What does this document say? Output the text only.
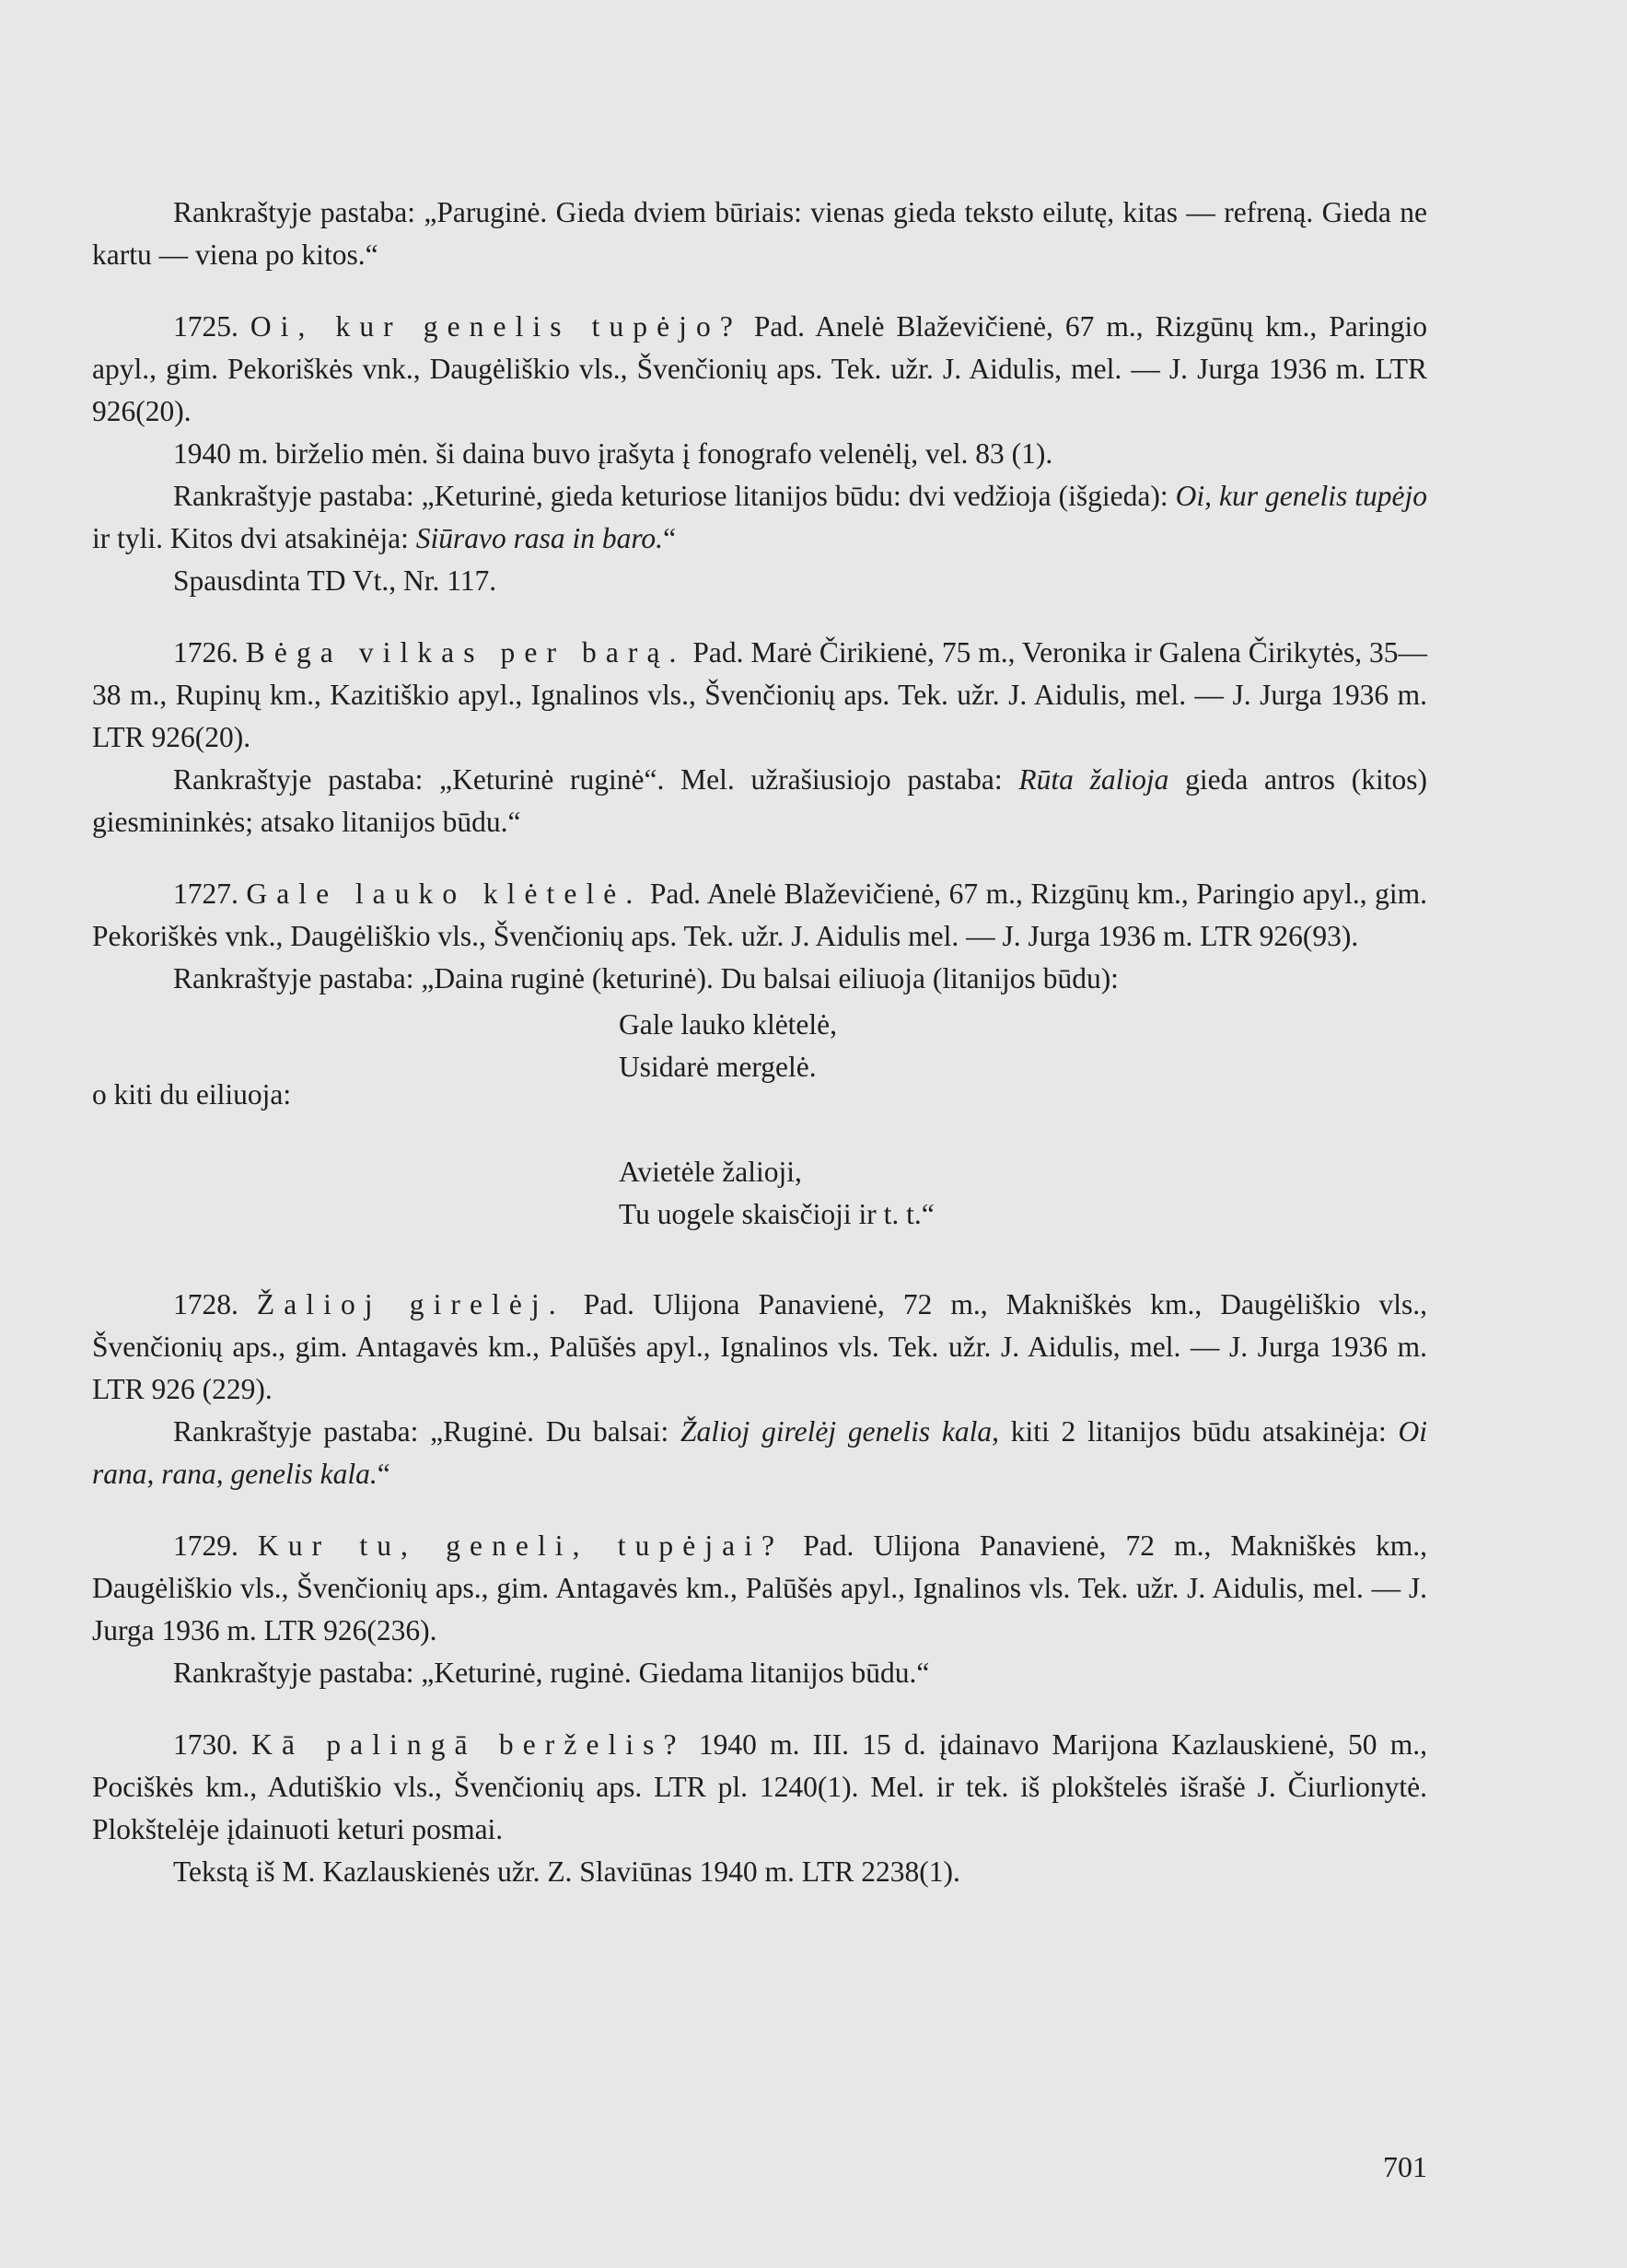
Rankraštyje pastaba: „Paruginė. Gieda dviem būriais: vienas gieda teksto eilutę, kitas — refreną. Gieda ne kartu — viena po kitos.“

1725. Oi, kur genelis tupėjo? Pad. Anelė Blaževičienė, 67 m., Rizgūnų km., Paringio apyl., gim. Pekoriškės vnk., Daugėliškio vls., Švenčionių aps. Tek. užr. J. Aidulis, mel. — J. Jurga 1936 m. LTR 926(20).

1940 m. birželio mėn. ši daina buvo įrašyta į fonografo velenėlį, vel. 83 (1).

Rankraštyje pastaba: „Keturinė, gieda keturiose litanijos būdu: dvi vedžioja (išgieda): Oi, kur genelis tupėjo ir tyli. Kitos dvi atsakinėja: Siūravo rasa in baro.“

Spausdinta TD Vt., Nr. 117.

1726. Bėga vilkas per barą. Pad. Marė Čirikienė, 75 m., Veronika ir Galena Čirikytės, 35—38 m., Rupinų km., Kazitiškio apyl., Ignalinos vls., Švenčionių aps. Tek. užr. J. Aidulis, mel. — J. Jurga 1936 m. LTR 926(20).

Rankraštyje pastaba: „Keturinė ruginė“. Mel. užrašiusiojo pastaba: Rūta žalioja gieda antros (kitos) giesmininkės; atsako litanijos būdu.“

1727. Gale lauko klėtelė. Pad. Anelė Blaževičienė, 67 m., Rizgūnų km., Paringio apyl., gim. Pekoriškės vnk., Daugėliškio vls., Švenčionių aps. Tek. užr. J. Aidulis mel. — J. Jurga 1936 m. LTR 926(93).

Rankraštyje pastaba: „Daina ruginė (keturinė). Du balsai eiliuoja (litanijos būdu):

Gale lauko klėtelė,
Usidarė mergelė.
o kiti du eiliuoja:
Avietėle žalioji,
Tu uogele skaisčioji ir t. t.“

1728. Žalioj girelėj. Pad. Ulijona Panavienė, 72 m., Makniškės km., Daugėliškio vls., Švenčionių aps., gim. Antagavės km., Palūšės apyl., Ignalinos vls. Tek. užr. J. Aidulis, mel. — J. Jurga 1936 m. LTR 926 (229).

Rankraštyje pastaba: „Ruginė. Du balsai: Žalioj girelėj genelis kala, kiti 2 litanijos būdu atsakinėja: Oi rana, rana, genelis kala.“

1729. Kur tu, geneli, tupėjai? Pad. Ulijona Panavienė, 72 m., Makniškės km., Daugėliškio vls., Švenčionių aps., gim. Antagavės km., Palūšės apyl., Ignalinos vls. Tek. užr. J. Aidulis, mel. — J. Jurga 1936 m. LTR 926(236).

Rankraštyje pastaba: „Keturinė, ruginė. Giedama litanijos būdu.“

1730. Kā palingā berželis? 1940 m. III. 15 d. įdainavo Marijona Kazlauskienė, 50 m., Pociškės km., Adutiškio vls., Švenčionių aps. LTR pl. 1240(1). Mel. ir tek. iš plokštelės išrašė J. Čiurlionytė. Plokštelėje įdainuoti keturi posmai.

Tekstą iš M. Kazlauskienės užr. Z. Slaviūnas 1940 m. LTR 2238(1).

701
